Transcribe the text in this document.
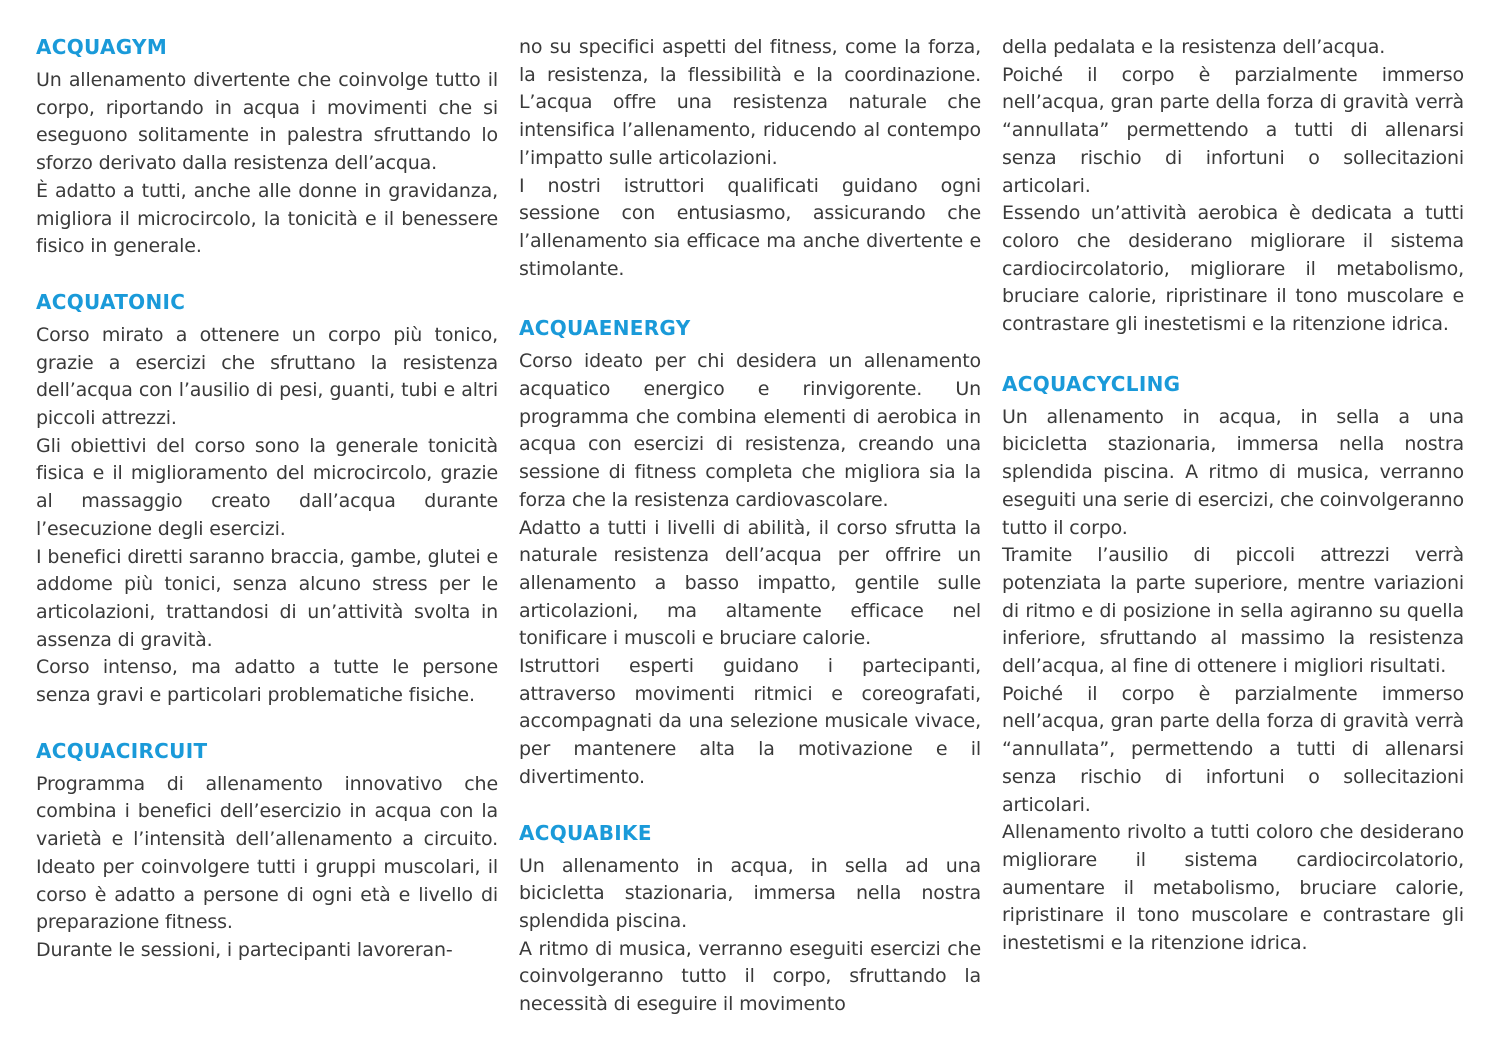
ACQUAGYM

Un allenamento divertente che coinvolge tutto il corpo, riportando in acqua i movimenti che si eseguono solitamente in palestra sfruttando lo sforzo derivato dalla resistenza dell’acqua.

È adatto a tutti, anche alle donne in gravidanza, migliora il microcircolo, la tonicità e il benessere fisico in generale.

ACQUATONIC

Corso mirato a ottenere un corpo più tonico, grazie a esercizi che sfruttano la resistenza dell’acqua con l’ausilio di pesi, guanti, tubi e altri piccoli attrezzi.

Gli obiettivi del corso sono la generale tonicità fisica e il miglioramento del microcircolo, grazie al massaggio creato dall’acqua durante l’esecuzione degli esercizi.

I benefici diretti saranno braccia, gambe, glutei e addome più tonici, senza alcuno stress per le articolazioni, trattandosi di un’attività svolta in assenza di gravità.

Corso intenso, ma adatto a tutte le persone senza gravi e particolari problematiche fisiche.

ACQUACIRCUIT

Programma di allenamento innovativo che combina i benefici dell’esercizio in acqua con la varietà e l’intensità dell’allenamento a circuito. Ideato per coinvolgere tutti i gruppi muscolari, il corso è adatto a persone di ogni età e livello di preparazione fitness.

Durante le sessioni, i partecipanti lavoreran-

no su specifici aspetti del fitness, come la forza, la resistenza, la flessibilità e la coordinazione. L’acqua offre una resistenza naturale che intensifica l’allenamento, riducendo al contempo l’impatto sulle articolazioni.

I nostri istruttori qualificati guidano ogni sessione con entusiasmo, assicurando che l’allenamento sia efficace ma anche divertente e stimolante.

ACQUAENERGY

Corso ideato per chi desidera un allenamento acquatico energico e rinvigorente. Un programma che combina elementi di aerobica in acqua con esercizi di resistenza, creando una sessione di fitness completa che migliora sia la forza che la resistenza cardiovascolare.

Adatto a tutti i livelli di abilità, il corso sfrutta la naturale resistenza dell’acqua per offrire un allenamento a basso impatto, gentile sulle articolazioni, ma altamente efficace nel tonificare i muscoli e bruciare calorie.

Istruttori esperti guidano i partecipanti, attraverso movimenti ritmici e coreografati, accompagnati da una selezione musicale vivace, per mantenere alta la motivazione e il divertimento.

ACQUABIKE

Un allenamento in acqua, in sella ad una bicicletta stazionaria, immersa nella nostra splendida piscina.

A ritmo di musica, verranno eseguiti esercizi che coinvolgeranno tutto il corpo, sfruttando la necessità di eseguire il movimento

della pedalata e la resistenza dell’acqua.

Poiché il corpo è parzialmente immerso nell’acqua, gran parte della forza di gravità verrà “annullata” permettendo a tutti di allenarsi senza rischio di infortuni o sollecitazioni articolari.

Essendo un’attività aerobica è dedicata a tutti coloro che desiderano migliorare il sistema cardiocircolatorio, migliorare il metabolismo, bruciare calorie, ripristinare il tono muscolare e contrastare gli inestetismi e la ritenzione idrica.

ACQUACYCLING

Un allenamento in acqua, in sella a una bicicletta stazionaria, immersa nella nostra splendida piscina. A ritmo di musica, verranno eseguiti una serie di esercizi, che coinvolgeranno tutto il corpo.

Tramite l’ausilio di piccoli attrezzi verrà potenziata la parte superiore, mentre variazioni di ritmo e di posizione in sella agiranno su quella inferiore, sfruttando al massimo la resistenza dell’acqua, al fine di ottenere i migliori risultati.

Poiché il corpo è parzialmente immerso nell’acqua, gran parte della forza di gravità verrà “annullata”, permettendo a tutti di allenarsi senza rischio di infortuni o sollecitazioni articolari.

Allenamento rivolto a tutti coloro che desiderano migliorare il sistema cardiocircolatorio, aumentare il metabolismo, bruciare calorie, ripristinare il tono muscolare e contrastare gli inestetismi e la ritenzione idrica.
